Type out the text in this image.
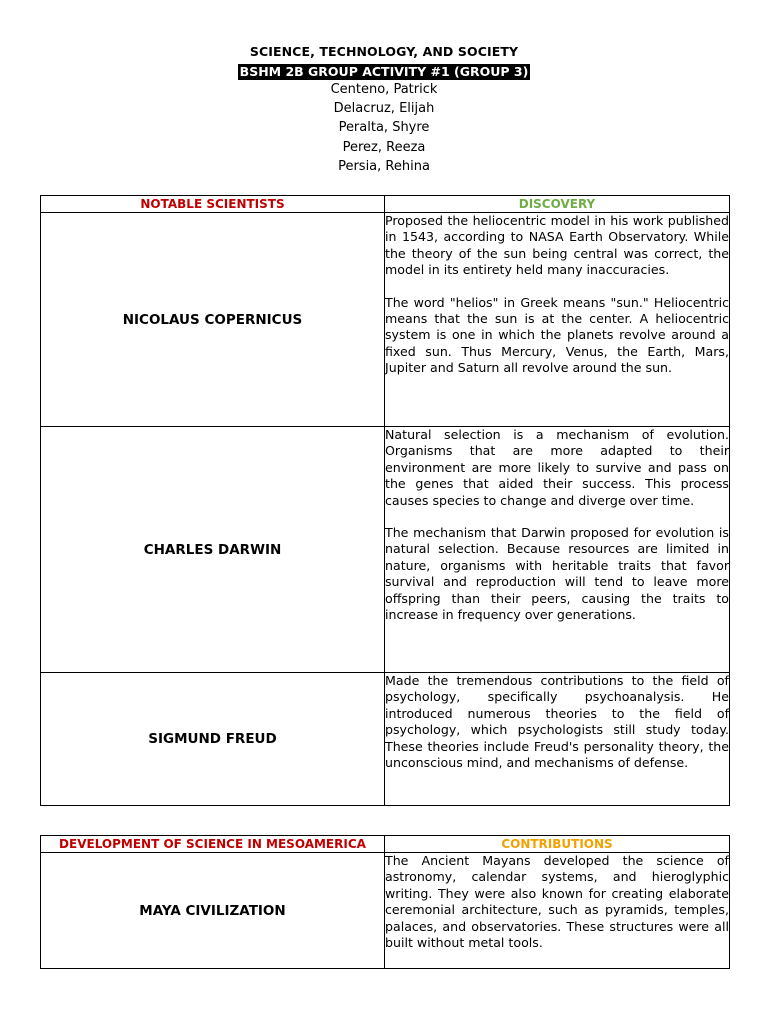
SCIENCE, TECHNOLOGY, AND SOCIETY
BSHM 2B GROUP ACTIVITY #1 (GROUP 3)
Centeno, Patrick
Delacruz, Elijah
Peralta, Shyre
Perez, Reeza
Persia, Rehina
NOTABLE SCIENTISTS	DISCOVERY
NICOLAUS COPERNICUS	Proposed the heliocentric model in his work published in 1543, according to NASA Earth Observatory. While the theory of the sun being central was correct, the model in its entirety held many inaccuracies.

The word "helios" in Greek means "sun." Heliocentric means that the sun is at the center. A heliocentric system is one in which the planets revolve around a fixed sun. Thus Mercury, Venus, the Earth, Mars, Jupiter and Saturn all revolve around the sun.

CHARLES DARWIN	Natural selection is a mechanism of evolution. Organisms that are more adapted to their environment are more likely to survive and pass on the genes that aided their success. This process causes species to change and diverge over time.

The mechanism that Darwin proposed for evolution is natural selection. Because resources are limited in nature, organisms with heritable traits that favor survival and reproduction will tend to leave more offspring than their peers, causing the traits to increase in frequency over generations.

SIGMUND FREUD	Made the tremendous contributions to the field of psychology, specifically psychoanalysis. He introduced numerous theories to the field of psychology, which psychologists still study today. These theories include Freud's personality theory, the unconscious mind, and mechanisms of defense.

DEVELOPMENT OF SCIENCE IN MESOAMERICA	CONTRIBUTIONS
MAYA CIVILIZATION	The Ancient Mayans developed the science of astronomy, calendar systems, and hieroglyphic writing. They were also known for creating elaborate ceremonial architecture, such as pyramids, temples, palaces, and observatories. These structures were all built without metal tools.
